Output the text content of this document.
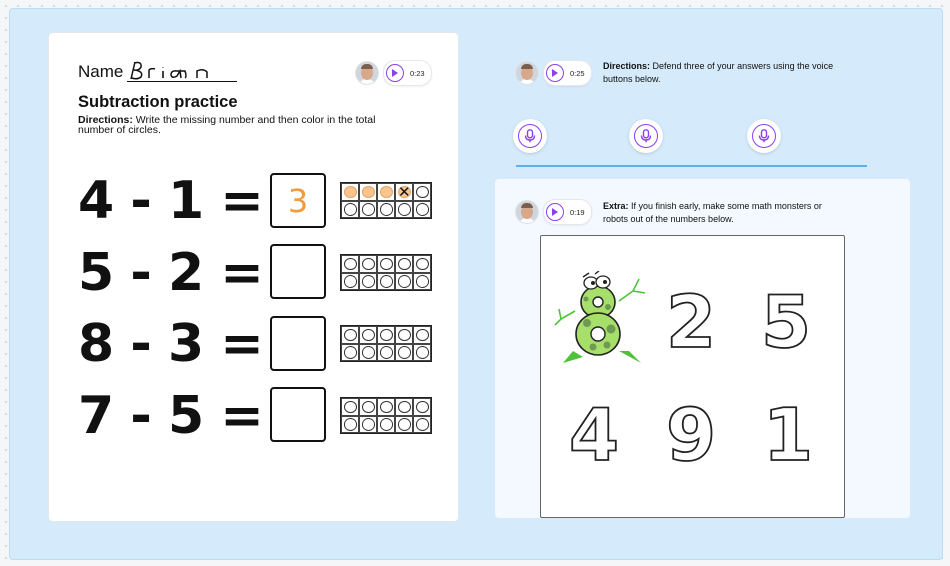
Name	0:23
Subtraction practice
Directions: Write the missing number and then color in the total number of circles.
4 - 1 = 3	✕
5 - 2 =
8 - 3 =
7 - 5 =
0:25
Directions: Defend three of your answers using the voice buttons below.
0:19
Extra: If you finish early, make some math monsters or robots out of the numbers below.
2 5
4 9 1
